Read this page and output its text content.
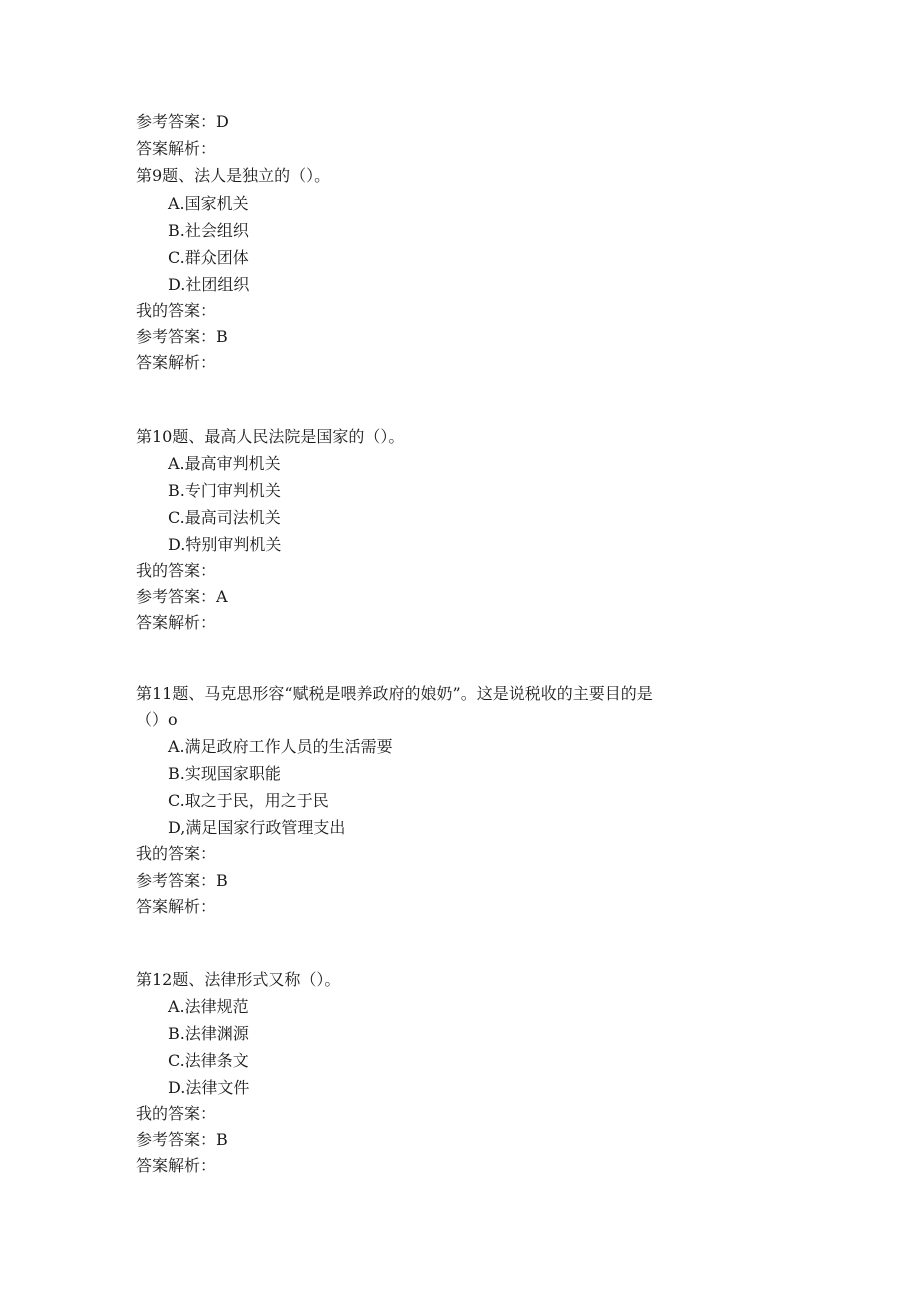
参考答案：D
答案解析：
第9题、法人是独立的（）。
A.国家机关
B.社会组织
C.群众团体
D.社团组织
我的答案：
参考答案：B
答案解析：
第10题、最高人民法院是国家的（）。
A.最高审判机关
B.专门审判机关
C.最高司法机关
D.特别审判机关
我的答案：
参考答案：A
答案解析：
第11题、马克思形容“赋税是喂养政府的娘奶”。这是说税收的主要目的是
（）o
A.满足政府工作人员的生活需要
B.实现国家职能
C.取之于民，用之于民
D,满足国家行政管理支出
我的答案：
参考答案：B
答案解析：
第12题、法律形式又称（）。
A.法律规范
B.法律渊源
C.法律条文
D.法律文件
我的答案：
参考答案：B
答案解析：
